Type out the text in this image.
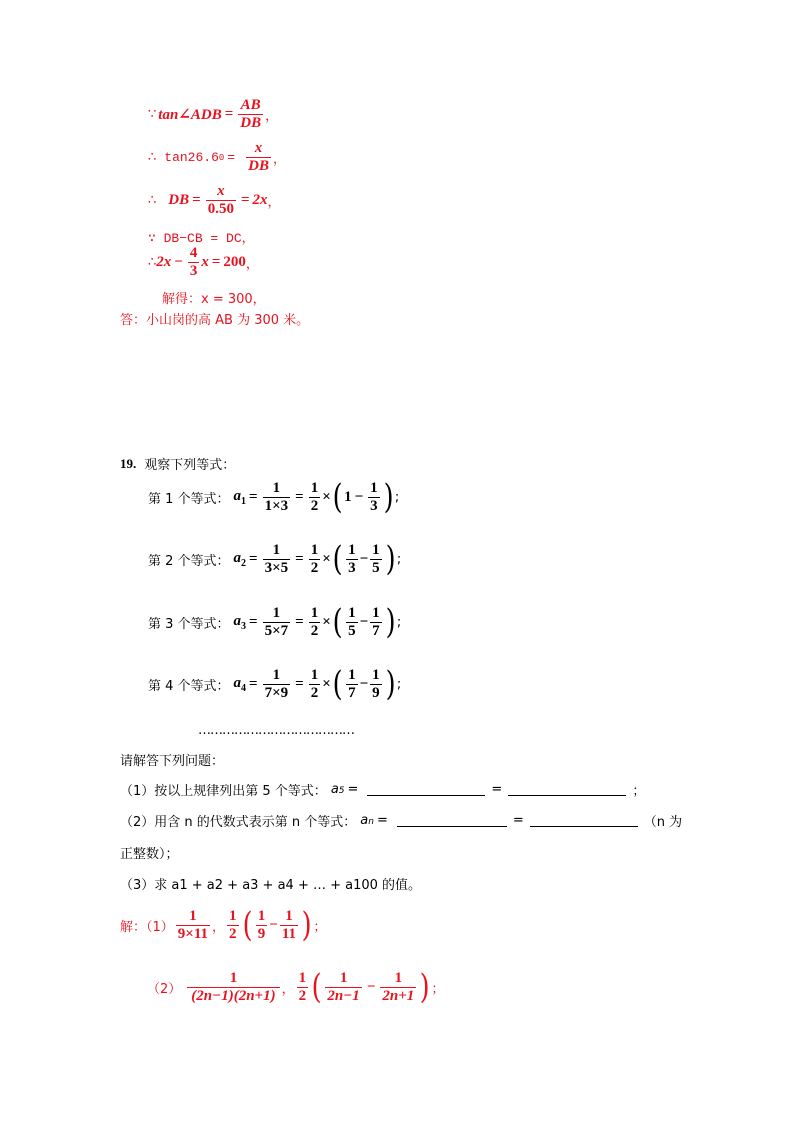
∵ tan∠ADB = $\frac{AB}{DB}$ ，
∴ tan26.6 $0 = \frac{x}{DB}$ ，
∴ DB = $\frac{x}{0.50} = 2x$ ，
∵ DB−CB = DC，
∴ $2x - \frac{4}{3}$ x = 200 ，
解得：x = 300，
答：小山岗的高 AB 为 300 米。
19. 观察下列等式：
第 1 个等式： $a_1 = \frac{1}{1\times 3} = \frac{1}{2}$ × ( $1 - \frac{1}{3}$ ) ;
第 2 个等式： $a_2 = \frac{1}{3\times 5} = \frac{1}{2}$ × ( $\frac{1}{3} - \frac{1}{5}$ ) ;
第 3 个等式： $a_3 = \frac{1}{5\times 7} = \frac{1}{2}$ × ( $\frac{1}{5} - \frac{1}{7}$ ) ;
第 4 个等式： $a_4 = \frac{1}{7\times 9} = \frac{1}{2}$ × ( $\frac{1}{7} - \frac{1}{9}$ ) ;
…………………………………
请解答下列问题：
（1）按以上规律列出第 5 个等式： a5 =	=	；
（2）用含 n 的代数式表示第 n 个等式： an =	=	（n 为
正整数）；
（3）求 a1 + a2 + a3 + a4 + … + a100 的值。
解：$(1) \frac{1}{9\times 11}$ ， $\frac{1}{2}$ ( $\frac{1}{9} - \frac{1}{11}$ ) ；
$(2) \frac{1}{(2n-1)(2n+1)}$ ， $\frac{1}{2}$ ( $\frac{1}{2n-1} - \frac{1}{2n+1}$ ) ；
